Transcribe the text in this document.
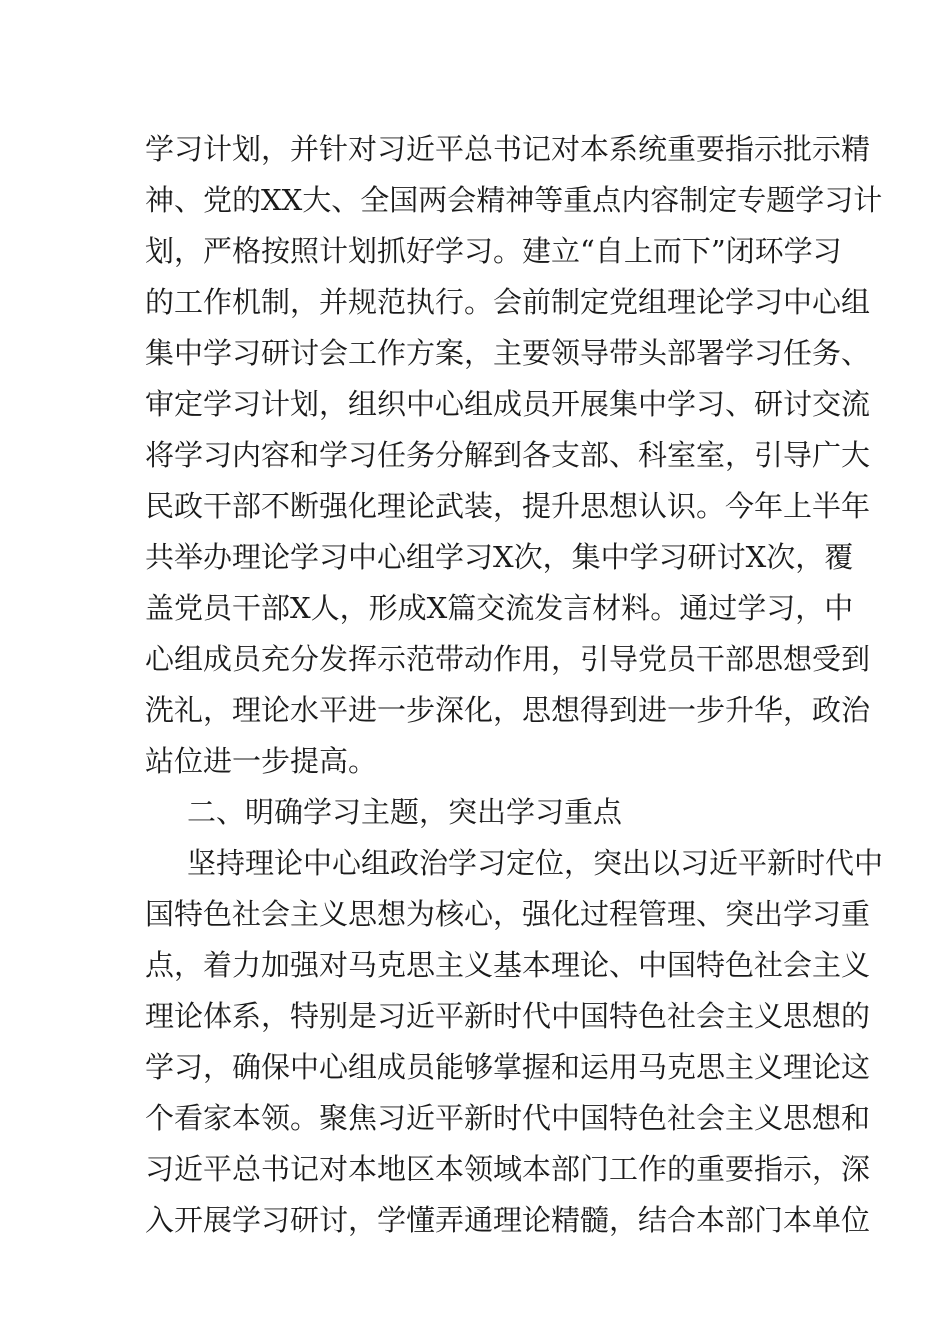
学习计划，并针对习近平总书记对本系统重要指示批示精
神、党的XX大、全国两会精神等重点内容制定专题学习计
划，严格按照计划抓好学习。建立“自上而下”闭环学习
的工作机制，并规范执行。会前制定党组理论学习中心组
集中学习研讨会工作方案，主要领导带头部署学习任务、
审定学习计划，组织中心组成员开展集中学习、研讨交流
将学习内容和学习任务分解到各支部、科室室，引导广大
民政干部不断强化理论武装，提升思想认识。今年上半年
共举办理论学习中心组学习X次，集中学习研讨X次，覆
盖党员干部X人，形成X篇交流发言材料。通过学习，中
心组成员充分发挥示范带动作用，引导党员干部思想受到
洗礼，理论水平进一步深化，思想得到进一步升华，政治
站位进一步提高。
二、明确学习主题，突出学习重点
坚持理论中心组政治学习定位，突出以习近平新时代中
国特色社会主义思想为核心，强化过程管理、突出学习重
点，着力加强对马克思主义基本理论、中国特色社会主义
理论体系，特别是习近平新时代中国特色社会主义思想的
学习，确保中心组成员能够掌握和运用马克思主义理论这
个看家本领。聚焦习近平新时代中国特色社会主义思想和
习近平总书记对本地区本领域本部门工作的重要指示，深
入开展学习研讨，学懂弄通理论精髓，结合本部门本单位
